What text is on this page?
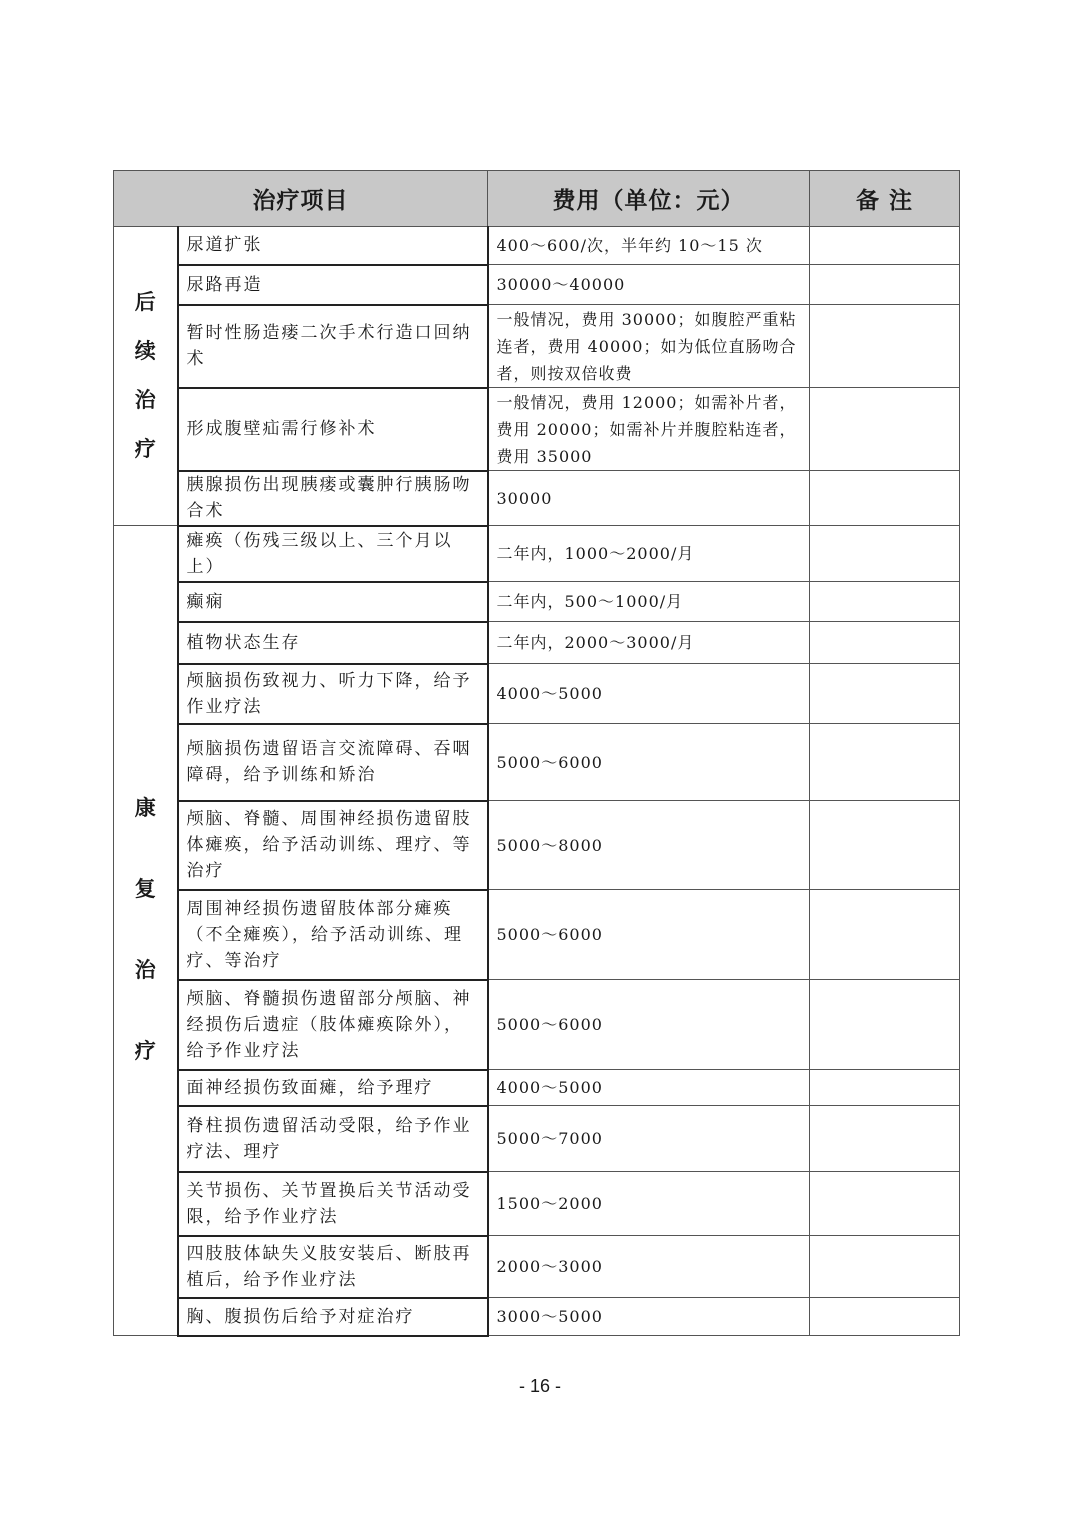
治疗项目		费用（单位：元）	备 注

后
续
治
疗	尿道扩张	400～600/次，半年约 10～15 次	
	尿路再造	30000～40000	
	暂时性肠造瘘二次手术行造口回纳术	一般情况，费用 30000；如腹腔严重粘连者，费用 40000；如为低位直肠吻合者，则按双倍收费	
	形成腹壁疝需行修补术	一般情况，费用 12000；如需补片者，费用 20000；如需补片并腹腔粘连者，费用 35000	
	胰腺损伤出现胰瘘或囊肿行胰肠吻合术	30000	

康
复
治
疗	瘫痪（伤残三级以上、三个月以上）	二年内，1000～2000/月	
	癫痫	二年内，500～1000/月	
	植物状态生存	二年内，2000～3000/月	
	颅脑损伤致视力、听力下降，给予作业疗法	4000～5000	
	颅脑损伤遗留语言交流障碍、吞咽障碍，给予训练和矫治	5000～6000	
	颅脑、脊髓、周围神经损伤遗留肢体瘫痪，给予活动训练、理疗、等治疗	5000～8000	
	周围神经损伤遗留肢体部分瘫痪（不全瘫痪），给予活动训练、理疗、等治疗	5000～6000	
	颅脑、脊髓损伤遗留部分颅脑、神经损伤后遗症（肢体瘫痪除外），给予作业疗法	5000～6000	
	面神经损伤致面瘫，给予理疗	4000～5000	
	脊柱损伤遗留活动受限，给予作业疗法、理疗	5000～7000	
	关节损伤、关节置换后关节活动受限，给予作业疗法	1500～2000	
	四肢肢体缺失义肢安装后、断肢再植后，给予作业疗法	2000～3000	
	胸、腹损伤后给予对症治疗	3000～5000	
- 16 -
